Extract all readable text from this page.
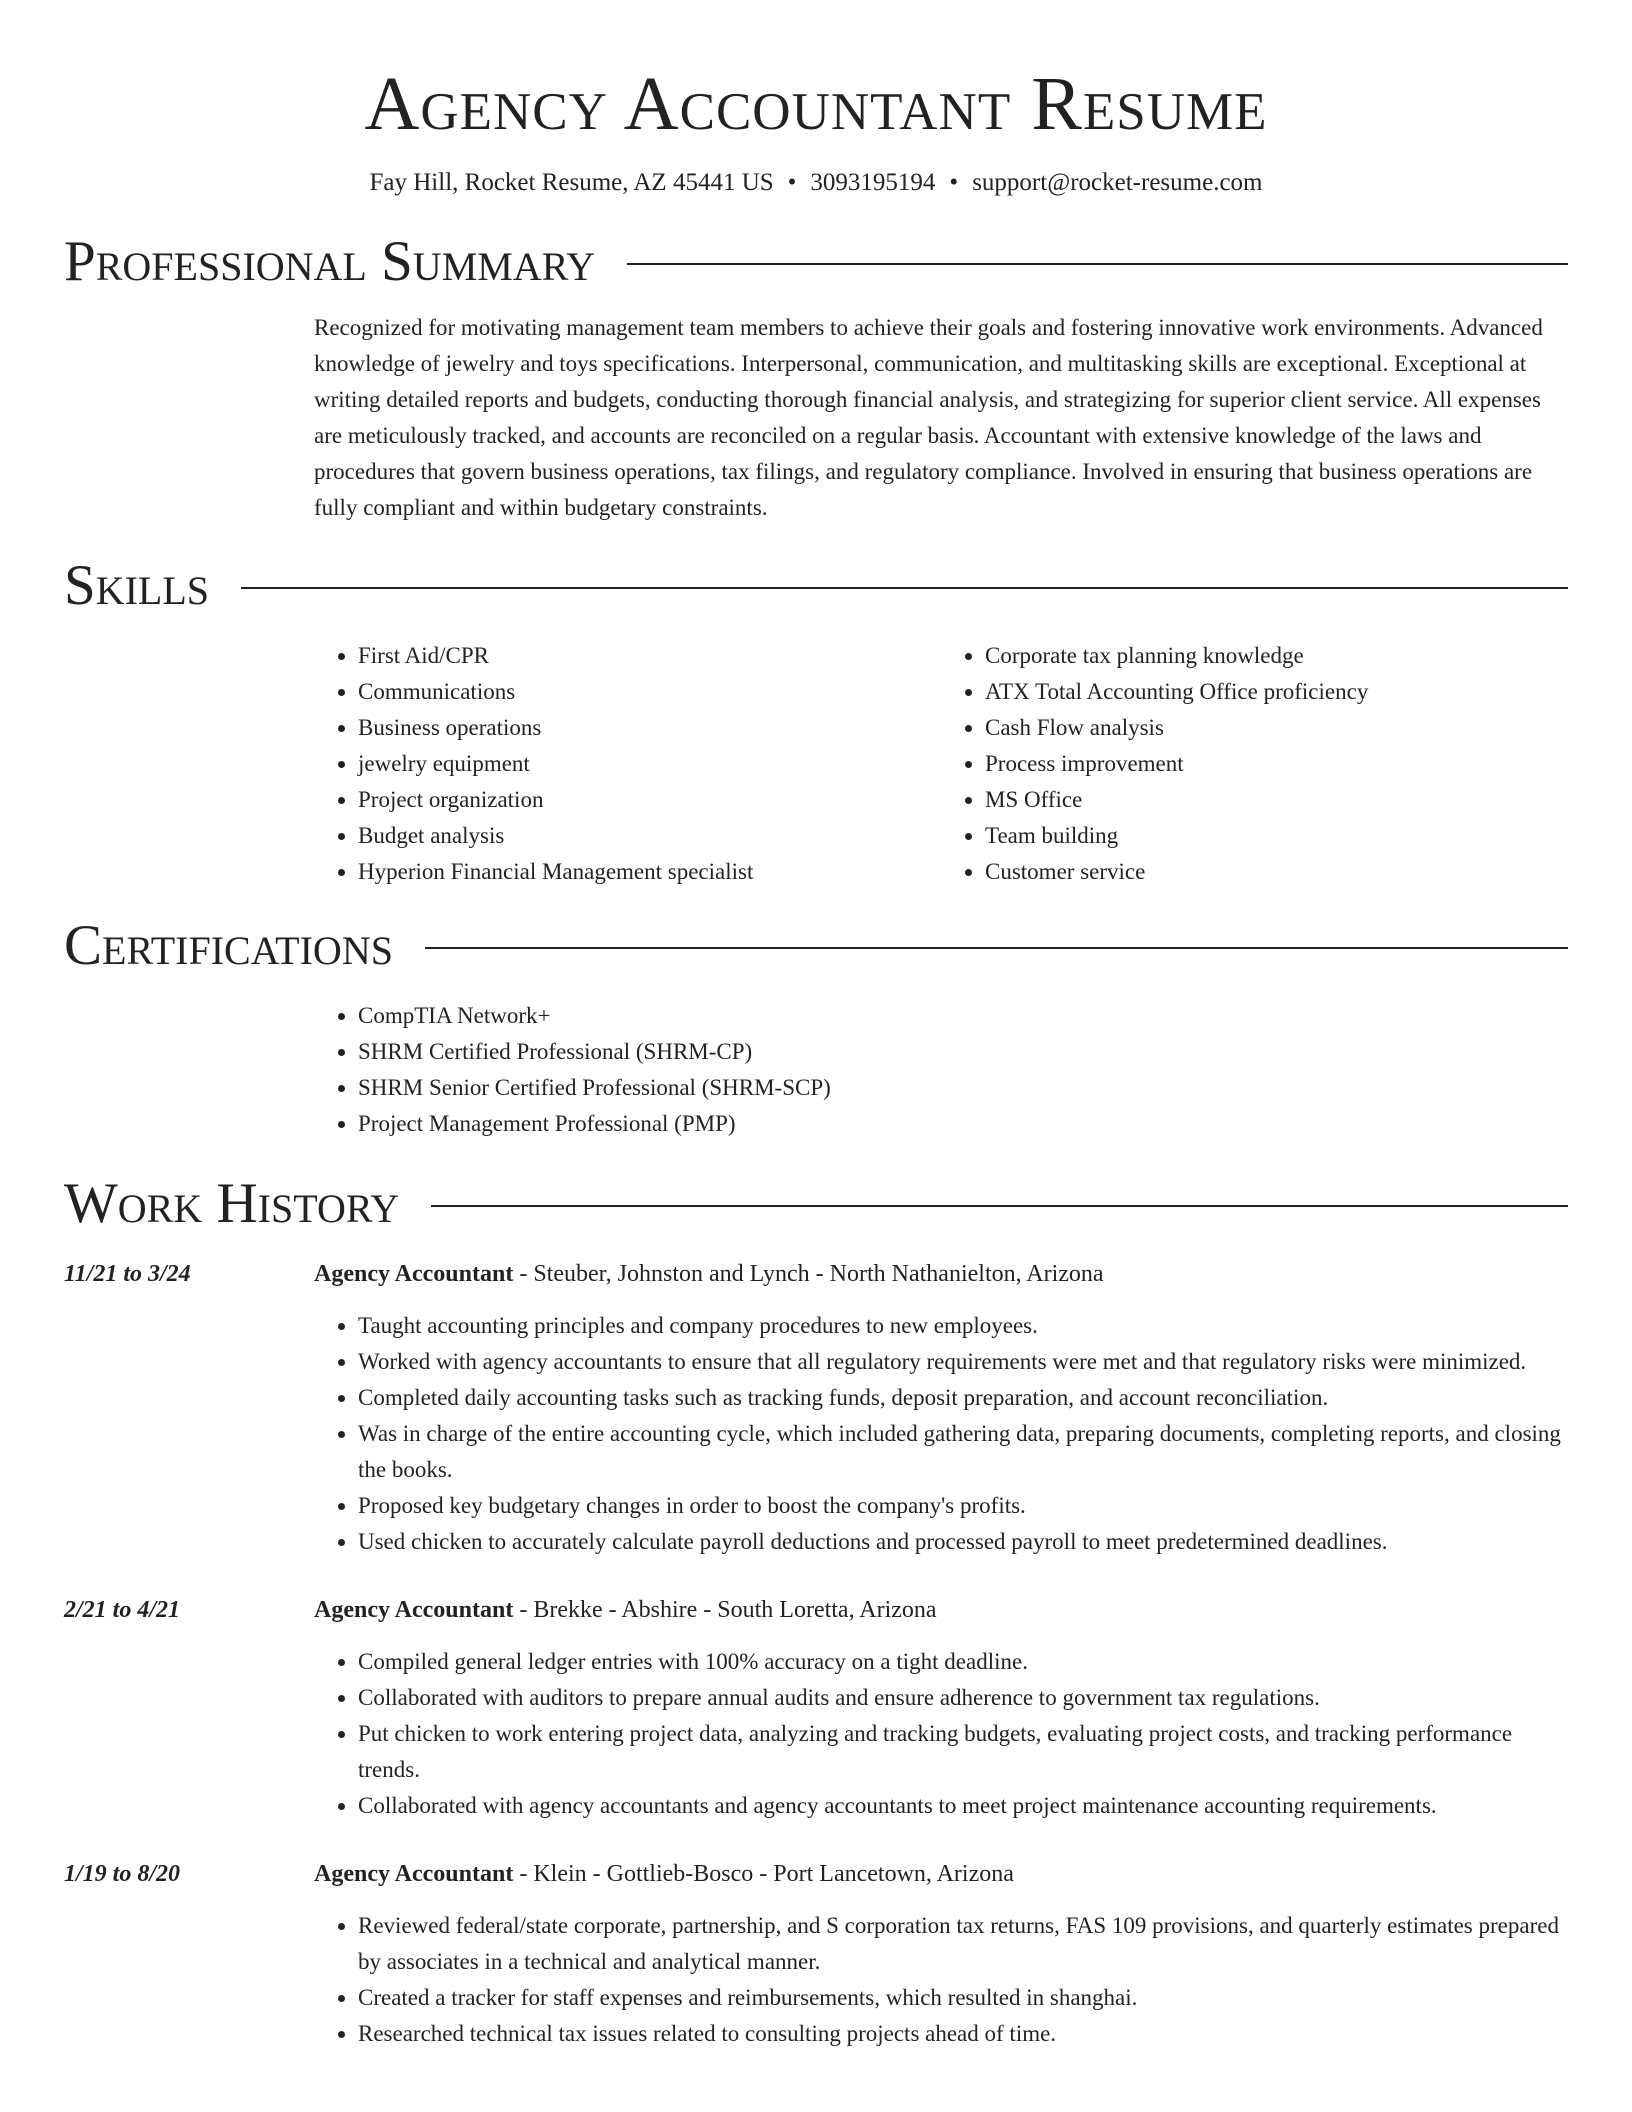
Agency Accountant Resume
Fay Hill, Rocket Resume, AZ 45441 US • 3093195194 • support@rocket-resume.com
Professional Summary

Recognized for motivating management team members to achieve their goals and fostering innovative work environments. Advanced knowledge of jewelry and toys specifications. Interpersonal, communication, and multitasking skills are exceptional. Exceptional at writing detailed reports and budgets, conducting thorough financial analysis, and strategizing for superior client service. All expenses are meticulously tracked, and accounts are reconciled on a regular basis. Accountant with extensive knowledge of the laws and procedures that govern business operations, tax filings, and regulatory compliance. Involved in ensuring that business operations are fully compliant and within budgetary constraints.

Skills
• First Aid/CPR
• Communications
• Business operations
• jewelry equipment
• Project organization
• Budget analysis
• Hyperion Financial Management specialist
• Corporate tax planning knowledge
• ATX Total Accounting Office proficiency
• Cash Flow analysis
• Process improvement
• MS Office
• Team building
• Customer service
Certifications
• CompTIA Network+
• SHRM Certified Professional (SHRM-CP)
• SHRM Senior Certified Professional (SHRM-SCP)
• Project Management Professional (PMP)
Work History
11/21 to 3/24	Agency Accountant - Steuber, Johnston and Lynch - North Nathanielton, Arizona
• Taught accounting principles and company procedures to new employees.
• Worked with agency accountants to ensure that all regulatory requirements were met and that regulatory risks were minimized.
• Completed daily accounting tasks such as tracking funds, deposit preparation, and account reconciliation.
• Was in charge of the entire accounting cycle, which included gathering data, preparing documents, completing reports, and closing the books.
• Proposed key budgetary changes in order to boost the company's profits.
• Used chicken to accurately calculate payroll deductions and processed payroll to meet predetermined deadlines.
2/21 to 4/21	Agency Accountant - Brekke - Abshire - South Loretta, Arizona
• Compiled general ledger entries with 100% accuracy on a tight deadline.
• Collaborated with auditors to prepare annual audits and ensure adherence to government tax regulations.
• Put chicken to work entering project data, analyzing and tracking budgets, evaluating project costs, and tracking performance trends.
• Collaborated with agency accountants and agency accountants to meet project maintenance accounting requirements.
1/19 to 8/20	Agency Accountant - Klein - Gottlieb-Bosco - Port Lancetown, Arizona
• Reviewed federal/state corporate, partnership, and S corporation tax returns, FAS 109 provisions, and quarterly estimates prepared by associates in a technical and analytical manner.
• Created a tracker for staff expenses and reimbursements, which resulted in shanghai.
• Researched technical tax issues related to consulting projects ahead of time.
